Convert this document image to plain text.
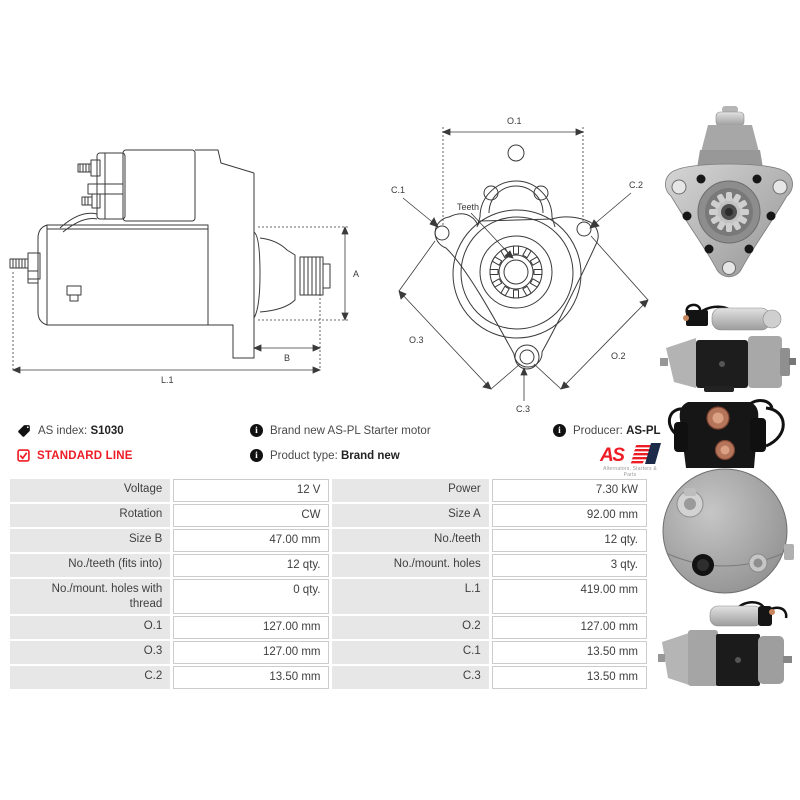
A
B
L.1
O.1
C.1	C.2
Teeth
O.3
O.2
C.3
AS index: S1030	i	Brand new AS-PL Starter motor	i	Producer: AS-PL
STANDARD LINE	i	Product type: Brand new	AS
Alternators, Starters & Parts
Voltage	12 V	Power	7.30 kW
Rotation	CW	Size A	92.00 mm
Size B	47.00 mm	No./teeth	12 qty.
No./teeth (fits into)	12 qty.	No./mount. holes	3 qty.
No./mount. holes with thread	0 qty.	L.1	419.00 mm
O.1	127.00 mm	O.2	127.00 mm
O.3	127.00 mm	C.1	13.50 mm
C.2	13.50 mm	C.3	13.50 mm
